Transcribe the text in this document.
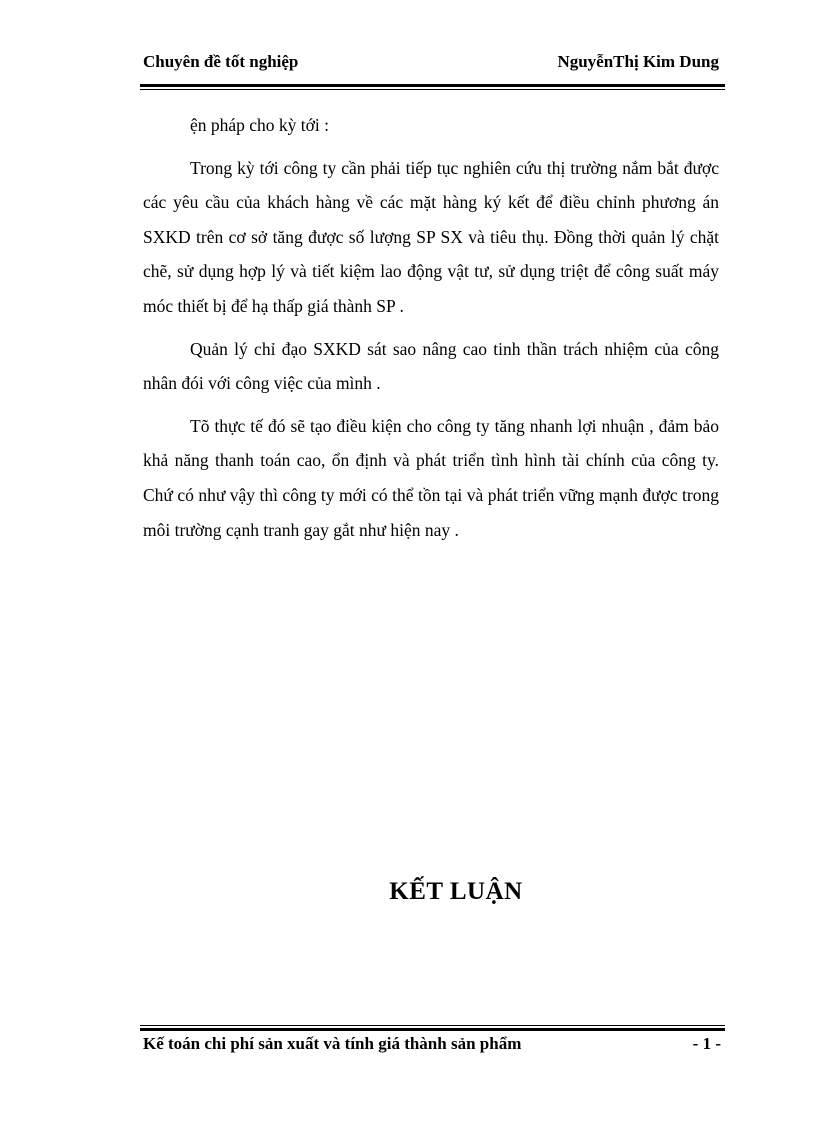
Chuyên đề tốt nghiệp	NguyễnThị Kim Dung

ện pháp cho kỳ tới :

Trong kỳ tới công ty cần phải tiếp tục nghiên cứu thị trường nắm bắt được các yêu cầu của khách hàng về các mặt hàng ký kết để điều chỉnh phương án SXKD trên cơ sở tăng được số lượng SP SX và tiêu thụ. Đồng thời quản lý chặt chẽ, sử dụng hợp lý và tiết kiệm lao động vật tư, sử dụng triệt để công suất máy móc thiết bị để hạ thấp giá thành SP .

Quản lý chỉ đạo SXKD sát sao nâng cao tinh thần trách nhiệm của công nhân đói với công việc của mình .

Tõ thực tế đó sẽ tạo điều kiện cho công ty tăng nhanh lợi nhuận , đảm bảo khả năng thanh toán cao, ổn định và phát triển tình hình tài chính của công ty. Chứ có như vậy thì công ty mới có thể tồn tại và phát triển vững mạnh được trong môi trường cạnh tranh gay gắt như hiện nay .

KẾT LUẬN
Kế toán chi phí sản xuất và tính giá thành sản phẩm	- 1 -
